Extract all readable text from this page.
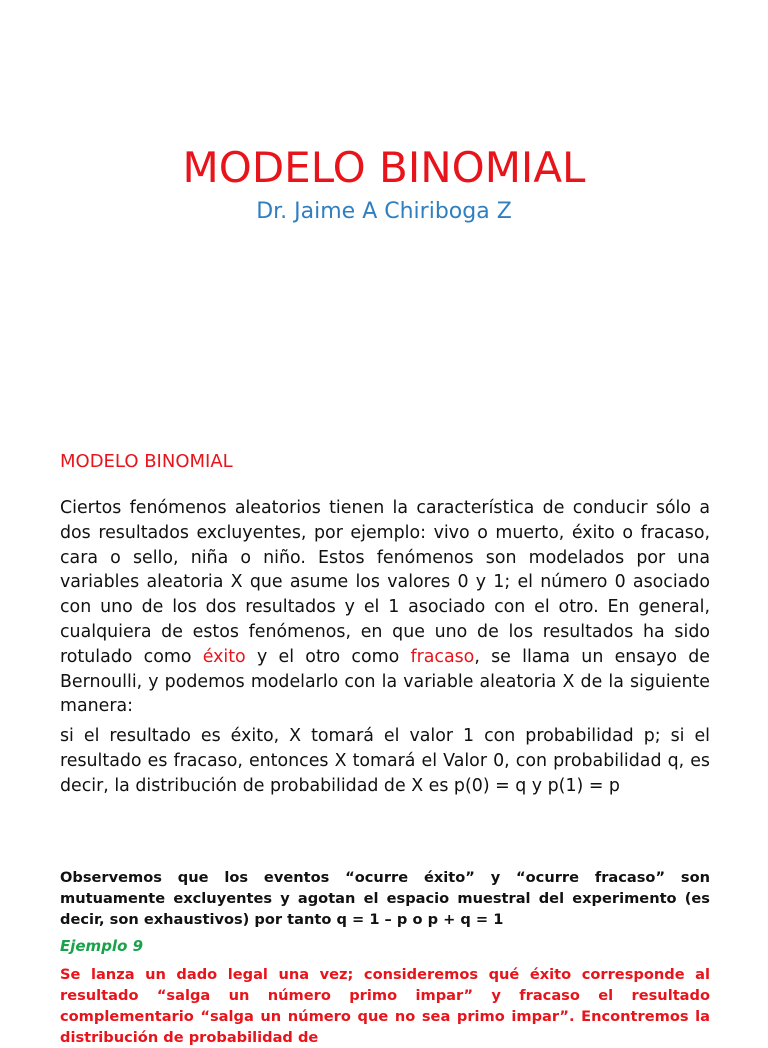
MODELO BINOMIAL
Dr. Jaime A Chiriboga Z
MODELO BINOMIAL

Ciertos fenómenos aleatorios tienen la característica de conducir sólo a dos resultados excluyentes, por ejemplo: vivo o muerto, éxito o fracaso, cara o sello, niña o niño. Estos fenómenos son modelados por una variables aleatoria X que asume los valores 0 y 1; el número 0 asociado con uno de los dos resultados y el 1 asociado con el otro. En general, cualquiera de estos fenómenos, en que uno de los resultados ha sido rotulado como éxito y el otro como fracaso, se llama un ensayo de Bernoulli, y podemos modelarlo con la variable aleatoria X de la siguiente manera:

si el resultado es éxito, X tomará el valor 1 con probabilidad p; si el resultado es fracaso, entonces X tomará el Valor 0, con probabilidad q, es decir, la distribución de probabilidad de X es p(0) = q y p(1) = p

Observemos que los eventos “ocurre éxito” y “ocurre fracaso” son mutuamente excluyentes y agotan el espacio muestral del experimento (es decir, son exhaustivos) por tanto q = 1 – p o p + q = 1

Ejemplo 9

Se lanza un dado legal una vez; consideremos qué éxito corresponde al resultado “salga un número primo impar” y fracaso el resultado complementario “salga un número que no sea primo impar”. Encontremos la distribución de probabilidad de
